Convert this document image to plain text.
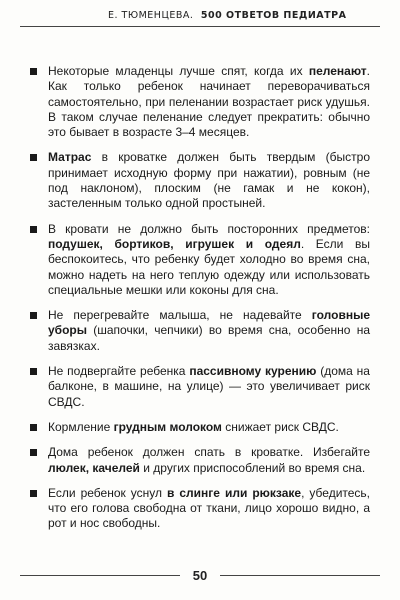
Е. ТЮМЕНЦЕВА. 500 ОТВЕТОВ ПЕДИАТРА
Некоторые младенцы лучше спят, когда их пеленают. Как только ребенок начинает переворачиваться самостоятельно, при пеленании возрастает риск удушья. В таком случае пеленание следует прекратить: обычно это бывает в возрасте 3–4 месяцев.
Матрас в кроватке должен быть твердым (быстро принимает исходную форму при нажатии), ровным (не под наклоном), плоским (не гамак и не кокон), застеленным только одной простыней.
В кровати не должно быть посторонних предметов: подушек, бортиков, игрушек и одеял. Если вы беспокоитесь, что ребенку будет холодно во время сна, можно надеть на него теплую одежду или использовать специальные мешки или коконы для сна.
Не перегревайте малыша, не надевайте головные уборы (шапочки, чепчики) во время сна, особенно на завязках.
Не подвергайте ребенка пассивному курению (дома на балконе, в машине, на улице) — это увеличивает риск СВДС.
Кормление грудным молоком снижает риск СВДС.
Дома ребенок должен спать в кроватке. Избегайте люлек, качелей и других приспособлений во время сна.
Если ребенок уснул в слинге или рюкзаке, убедитесь, что его голова свободна от ткани, лицо хорошо видно, а рот и нос свободны.
50
